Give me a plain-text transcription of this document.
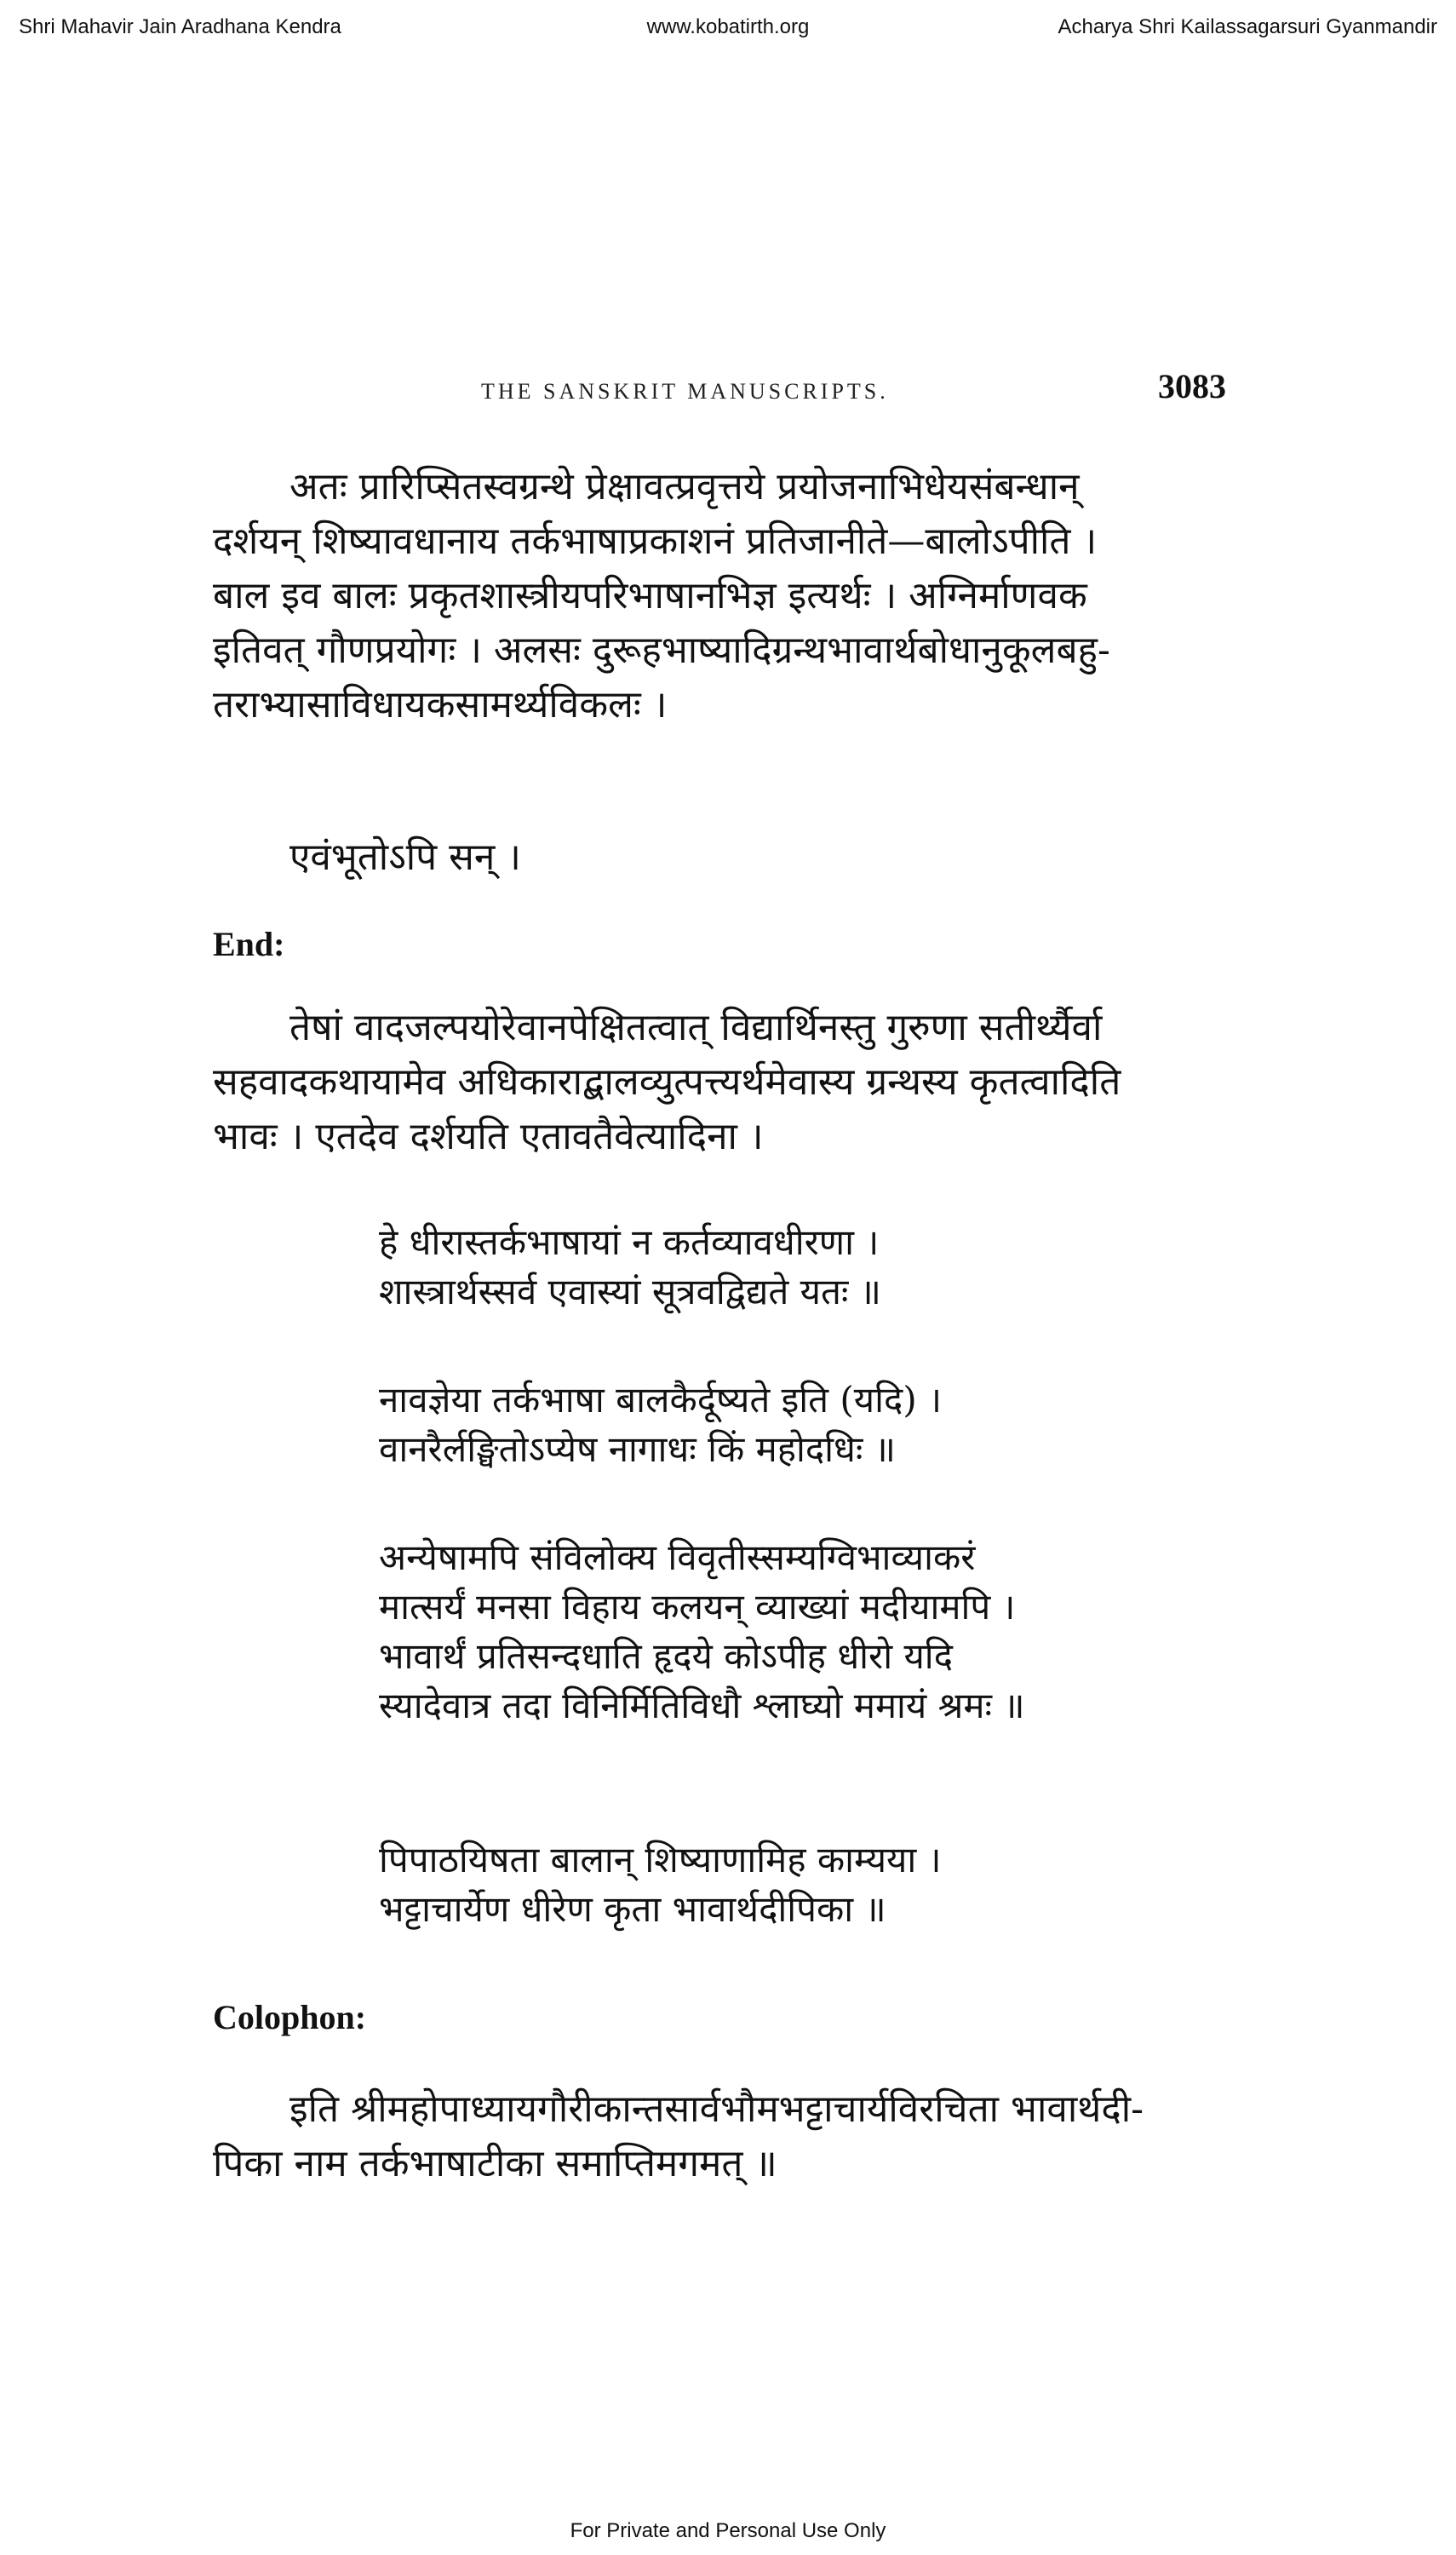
Shri Mahavir Jain Aradhana Kendra	www.kobatirth.org	Acharya Shri Kailassagarsuri Gyanmandir
THE SANSKRIT MANUSCRIPTS.	3083

अतः प्रारिप्सितस्वग्रन्थे प्रेक्षावत्प्रवृत्तये प्रयोजनाभिधेयसंबन्धान्

दर्शयन् शिष्यावधानाय तर्कभाषाप्रकाशनं प्रतिजानीते—बालोऽपीति ।

बाल इव बालः प्रकृतशास्त्रीयपरिभाषानभिज्ञ इत्यर्थः । अग्निर्माणवक

इतिवत् गौणप्रयोगः । अलसः दुरूहभाष्यादिग्रन्थभावार्थबोधानुकूलबहु-

तराभ्यासाविधायकसामर्थ्यविकलः ।

एवंभूतोऽपि सन् ।

End:

तेषां वादजल्पयोरेवानपेक्षितत्वात् विद्यार्थिनस्तु गुरुणा सतीर्थ्यैर्वा

सहवादकथायामेव अधिकाराद्बालव्युत्पत्त्यर्थमेवास्य ग्रन्थस्य कृतत्वादिति

भावः । एतदेव दर्शयति एतावतैवेत्यादिना ।

हे धीरास्तर्कभाषायां न कर्तव्यावधीरणा ।
शास्त्रार्थस्सर्व एवास्यां सूत्रवद्विद्यते यतः ॥
नावज्ञेया तर्कभाषा बालकैर्दूष्यते इति (यदि) ।
वानरैर्लङ्घितोऽप्येष नागाधः किं महोदधिः ॥
अन्येषामपि संविलोक्य विवृतीस्सम्यग्विभाव्याकरं
मात्सर्यं मनसा विहाय कलयन् व्याख्यां मदीयामपि ।
भावार्थं प्रतिसन्दधाति हृदये कोऽपीह धीरो यदि
स्यादेवात्र तदा विनिर्मितिविधौ श्लाघ्यो ममायं श्रमः ॥
पिपाठयिषता बालान् शिष्याणामिह काम्यया ।
भट्टाचार्येण धीरेण कृता भावार्थदीपिका ॥
Colophon:

इति श्रीमहोपाध्यायगौरीकान्तसार्वभौमभट्टाचार्यविरचिता भावार्थदी-

पिका नाम तर्कभाषाटीका समाप्तिमगमत् ॥

For Private and Personal Use Only
